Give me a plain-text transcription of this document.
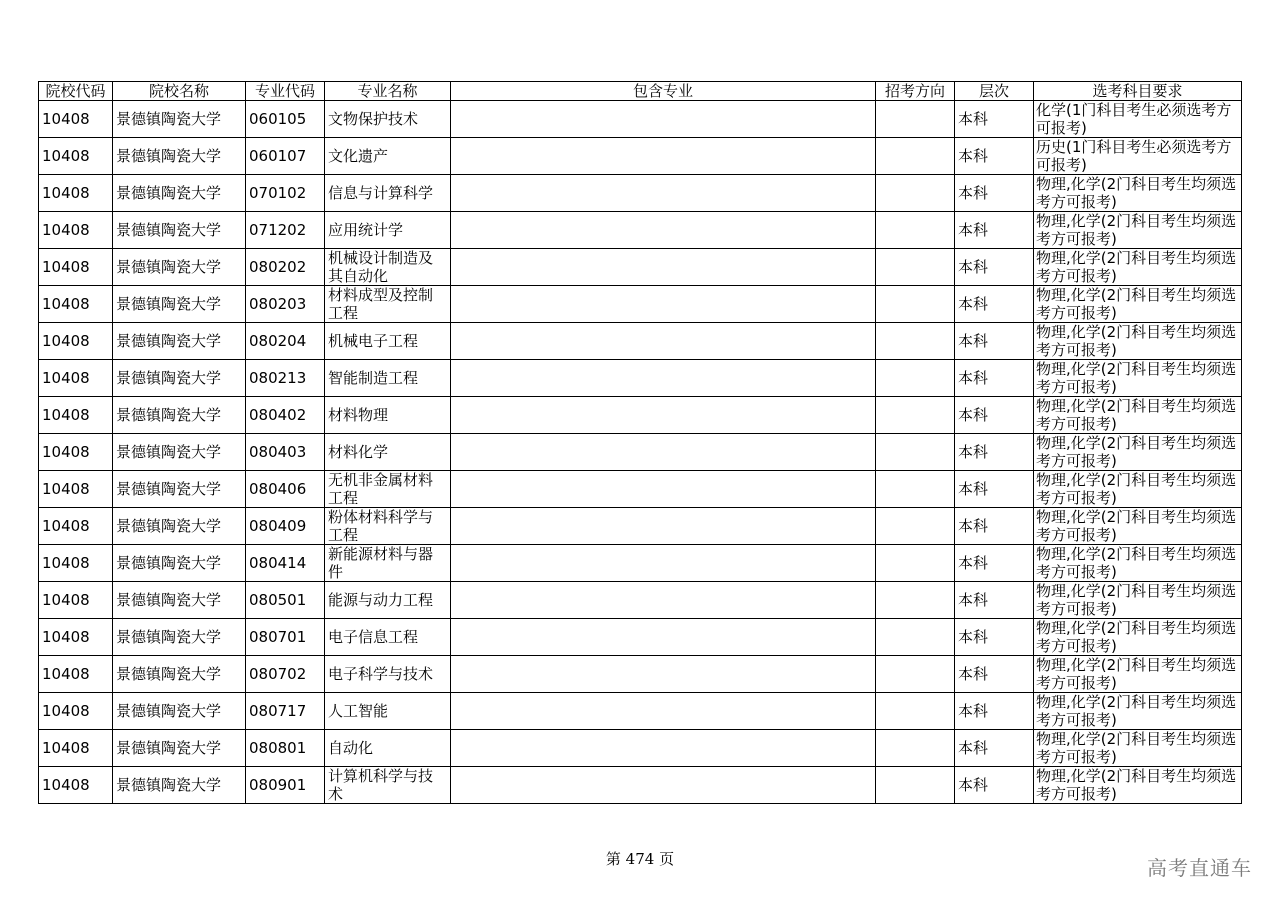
院校代码	院校名称	专业代码	专业名称	包含专业	招考方向	层次	选考科目要求
10408	景德镇陶瓷大学	060105	文物保护技术			本科	化学(1门科目考生必须选考方可报考)
10408	景德镇陶瓷大学	060107	文化遗产			本科	历史(1门科目考生必须选考方可报考)
10408	景德镇陶瓷大学	070102	信息与计算科学			本科	物理,化学(2门科目考生均须选考方可报考)
10408	景德镇陶瓷大学	071202	应用统计学			本科	物理,化学(2门科目考生均须选考方可报考)
10408	景德镇陶瓷大学	080202	机械设计制造及其自动化			本科	物理,化学(2门科目考生均须选考方可报考)
10408	景德镇陶瓷大学	080203	材料成型及控制工程			本科	物理,化学(2门科目考生均须选考方可报考)
10408	景德镇陶瓷大学	080204	机械电子工程			本科	物理,化学(2门科目考生均须选考方可报考)
10408	景德镇陶瓷大学	080213	智能制造工程			本科	物理,化学(2门科目考生均须选考方可报考)
10408	景德镇陶瓷大学	080402	材料物理			本科	物理,化学(2门科目考生均须选考方可报考)
10408	景德镇陶瓷大学	080403	材料化学			本科	物理,化学(2门科目考生均须选考方可报考)
10408	景德镇陶瓷大学	080406	无机非金属材料工程			本科	物理,化学(2门科目考生均须选考方可报考)
10408	景德镇陶瓷大学	080409	粉体材料科学与工程			本科	物理,化学(2门科目考生均须选考方可报考)
10408	景德镇陶瓷大学	080414	新能源材料与器件			本科	物理,化学(2门科目考生均须选考方可报考)
10408	景德镇陶瓷大学	080501	能源与动力工程			本科	物理,化学(2门科目考生均须选考方可报考)
10408	景德镇陶瓷大学	080701	电子信息工程			本科	物理,化学(2门科目考生均须选考方可报考)
10408	景德镇陶瓷大学	080702	电子科学与技术			本科	物理,化学(2门科目考生均须选考方可报考)
10408	景德镇陶瓷大学	080717	人工智能			本科	物理,化学(2门科目考生均须选考方可报考)
10408	景德镇陶瓷大学	080801	自动化			本科	物理,化学(2门科目考生均须选考方可报考)
10408	景德镇陶瓷大学	080901	计算机科学与技术			本科	物理,化学(2门科目考生均须选考方可报考)
第 474 页	高考直通车
